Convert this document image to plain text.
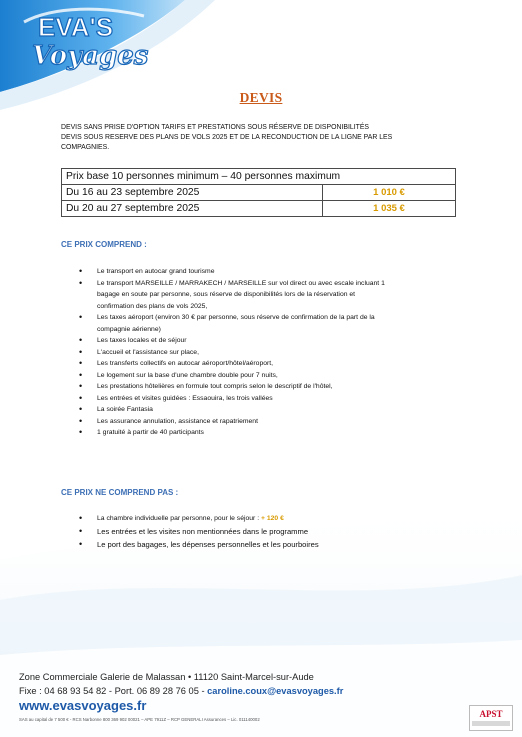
EVA'S
Voyages
DEVIS
DEVIS SANS PRISE D'OPTION TARIFS ET PRESTATIONS SOUS RÉSERVE DE DISPONIBILITÉS
DEVIS SOUS RESERVE DES PLANS DE VOLS 2025 ET DE LA RECONDUCTION DE LA LIGNE PAR LES
COMPAGNIES.
Prix base 10 personnes minimum – 40 personnes maximum	
Du 16 au 23 septembre 2025	1 010 €
Du 20 au 27 septembre 2025	1 035 €
CE PRIX COMPREND :
• Le transport en autocar grand tourisme
• Le transport MARSEILLE / MARRAKECH / MARSEILLE sur vol direct ou avec escale incluant 1
bagage en soute par personne, sous réserve de disponibilités lors de la réservation et
confirmation des plans de vols 2025,
• Les taxes aéroport (environ 30 € par personne, sous réserve de confirmation de la part de la
compagnie aérienne)
• Les taxes locales et de séjour
• L'accueil et l'assistance sur place,
• Les transferts collectifs en autocar aéroport/hôtel/aéroport,
• Le logement sur la base d'une chambre double pour 7 nuits,
• Les prestations hôtelières en formule tout compris selon le descriptif de l'hôtel,
• Les entrées et visites guidées : Essaouira, les trois vallées
• La soirée Fantasia
• Les assurance annulation, assistance et rapatriement
• 1 gratuité à partir de 40 participants
CE PRIX NE COMPREND PAS :
• La chambre individuelle par personne, pour le séjour : + 120 €
• Les entrées et les visites non mentionnées dans le programme
• Le port des bagages, les dépenses personnelles et les pourboires
Zone Commerciale Galerie de Malassan • 11120 Saint-Marcel-sur-Aude
Fixe : 04 68 93 54 82 - Port. 06 89 28 76 05 - caroline.coux@evasvoyages.fr
www.evasvoyages.fr
SAS au capital de 7 500 € - RCS Narbonne 800 369 902 00021 – APE 7911Z – RCP GENERALI Assurances – Lic. 011140002
APST
